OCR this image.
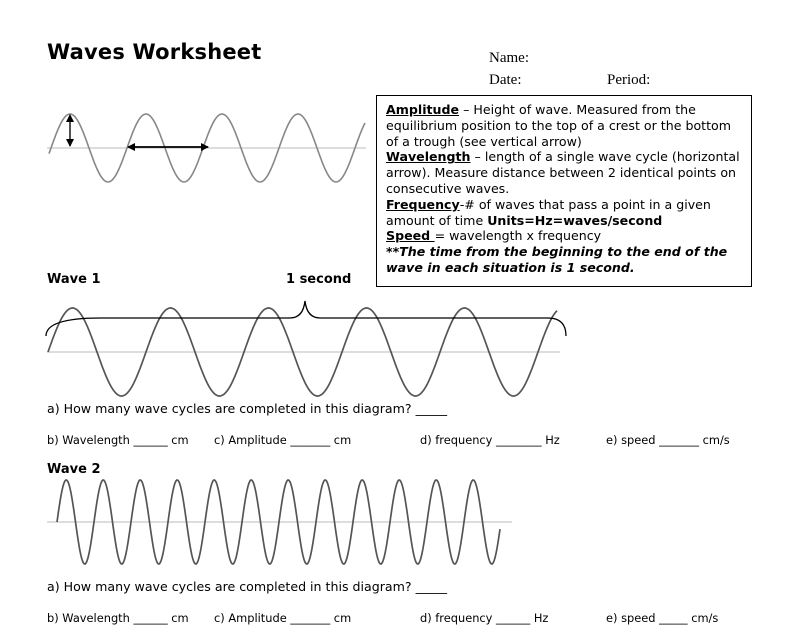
Waves Worksheet	Name:
Date:	Period:

Amplitude – Height of wave. Measured from the equilibrium position to the top of a crest or the bottom of a trough (see vertical arrow)

Wavelength – length of a single wave cycle (horizontal arrow). Measure distance between 2 identical points on consecutive waves.

Frequency-# of waves that pass a point in a given amount of time Units=Hz=waves/second

Speed = wavelength x frequency

**The time from the beginning to the end of the wave in each situation is 1 second.

Wave 1	1 second
a) How many wave cycles are completed in this diagram? _____
b) Wavelength ______ cm c) Amplitude _______ cm	d) frequency ________ Hz	e) speed _______ cm/s
Wave 2
a) How many wave cycles are completed in this diagram? _____
b) Wavelength ______ cm c) Amplitude _______ cm	d) frequency ______ Hz	e) speed _____ cm/s
